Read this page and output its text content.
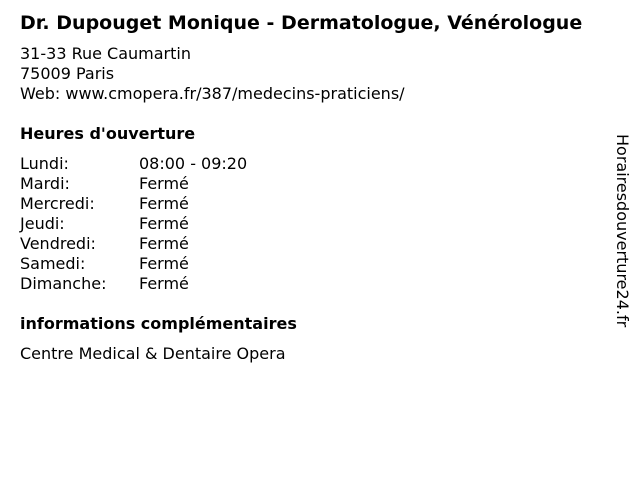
Dr. Dupouget Monique - Dermatologue, Vénérologue
31-33 Rue Caumartin
75009 Paris
Web: www.cmopera.fr/387/medecins-praticiens/
Heures d'ouverture
Lundi:	08:00 - 09:20
Mardi:	Fermé
Mercredi:	Fermé
Jeudi:	Fermé
Vendredi:	Fermé
Samedi:	Fermé
Dimanche: Fermé
informations complémentaires
Centre Medical & Dentaire Opera
Horairesdouverture24.fr
